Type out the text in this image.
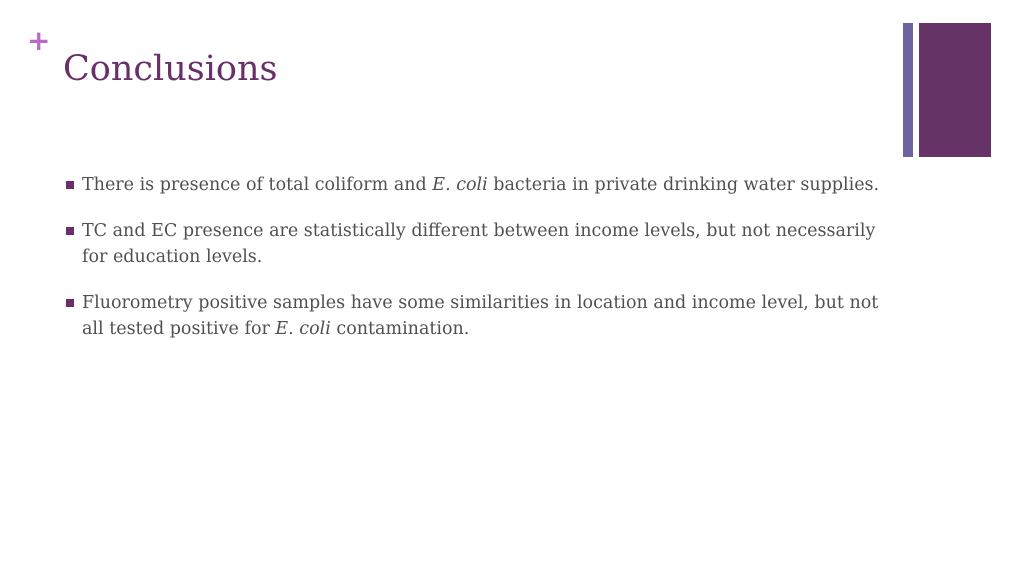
+
Conclusions
There is presence of total coliform and E. coli bacteria in private drinking water supplies.
TC and EC presence are statistically different between income levels, but not necessarily for education levels.
Fluorometry positive samples have some similarities in location and income level, but not all tested positive for E. coli contamination.
